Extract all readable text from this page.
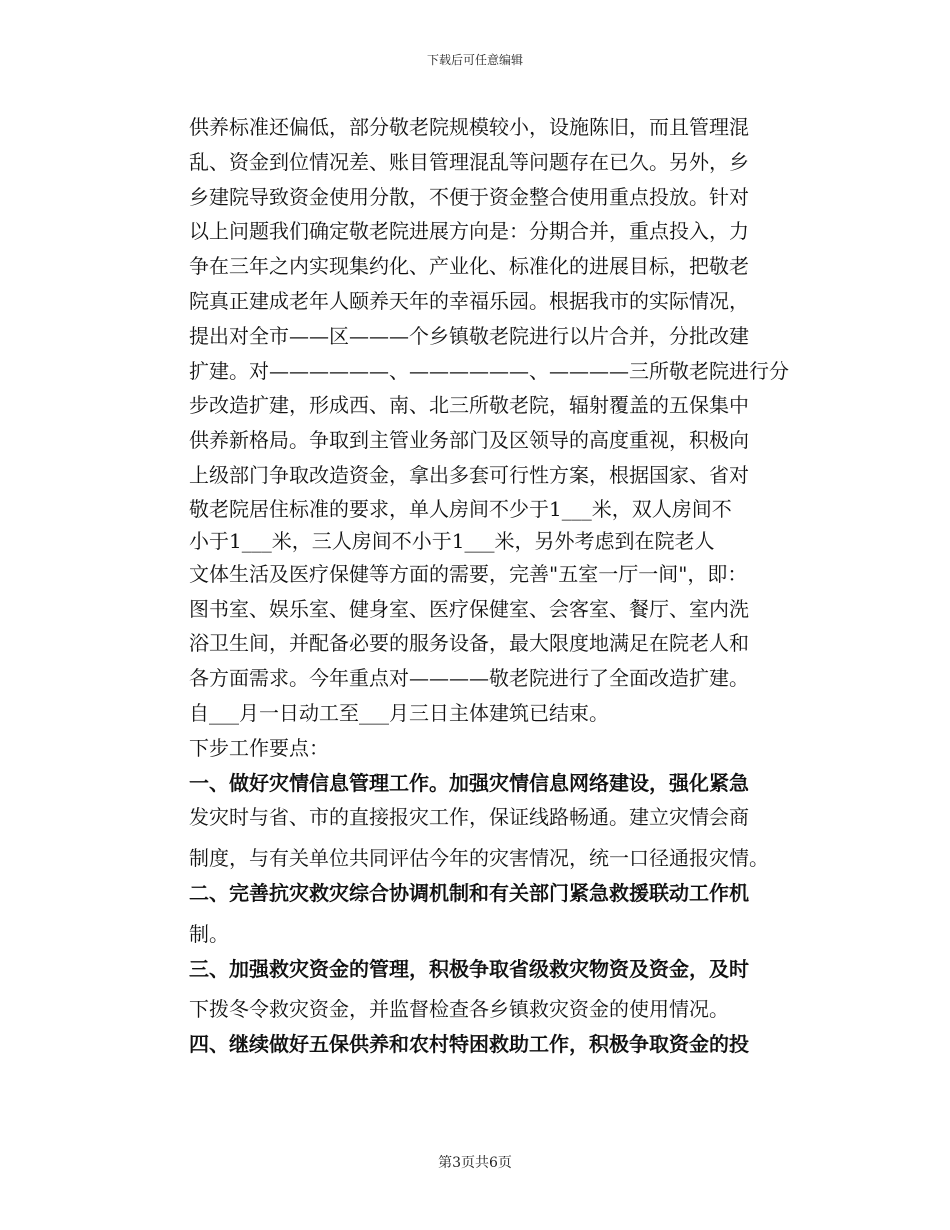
下载后可任意编辑
供养标准还偏低，部分敬老院规模较小，设施陈旧，而且管理混
乱、资金到位情况差、账目管理混乱等问题存在已久。另外，乡
乡建院导致资金使用分散，不便于资金整合使用重点投放。针对
以上问题我们确定敬老院进展方向是：分期合并，重点投入，力
争在三年之内实现集约化、产业化、标准化的进展目标，把敬老
院真正建成老年人颐养天年的幸福乐园。根据我市的实际情况，
提出对全市——区———个乡镇敬老院进行以片合并，分批改建
扩建。对——————、——————、————三所敬老院进行分
步改造扩建，形成西、南、北三所敬老院，辐射覆盖的五保集中
供养新格局。争取到主管业务部门及区领导的高度重视，积极向
上级部门争取改造资金，拿出多套可行性方案，根据国家、省对
敬老院居住标准的要求，单人房间不少于1___米，双人房间不
小于1___米，三人房间不小于1___米，另外考虑到在院老人
文体生活及医疗保健等方面的需要，完善"五室一厅一间"，即：
图书室、娱乐室、健身室、医疗保健室、会客室、餐厅、室内洗
浴卫生间，并配备必要的服务设备，最大限度地满足在院老人和
各方面需求。今年重点对————敬老院进行了全面改造扩建。
自___月一日动工至___月三日主体建筑已结束。
下步工作要点：
一、做好灾情信息管理工作。加强灾情信息网络建设，强化紧急
发灾时与省、市的直接报灾工作，保证线路畅通。建立灾情会商
制度，与有关单位共同评估今年的灾害情况，统一口径通报灾情。
二、完善抗灾救灾综合协调机制和有关部门紧急救援联动工作机
制。
三、加强救灾资金的管理，积极争取省级救灾物资及资金，及时
下拨冬令救灾资金，并监督检查各乡镇救灾资金的使用情况。
四、继续做好五保供养和农村特困救助工作，积极争取资金的投
第3页共6页
